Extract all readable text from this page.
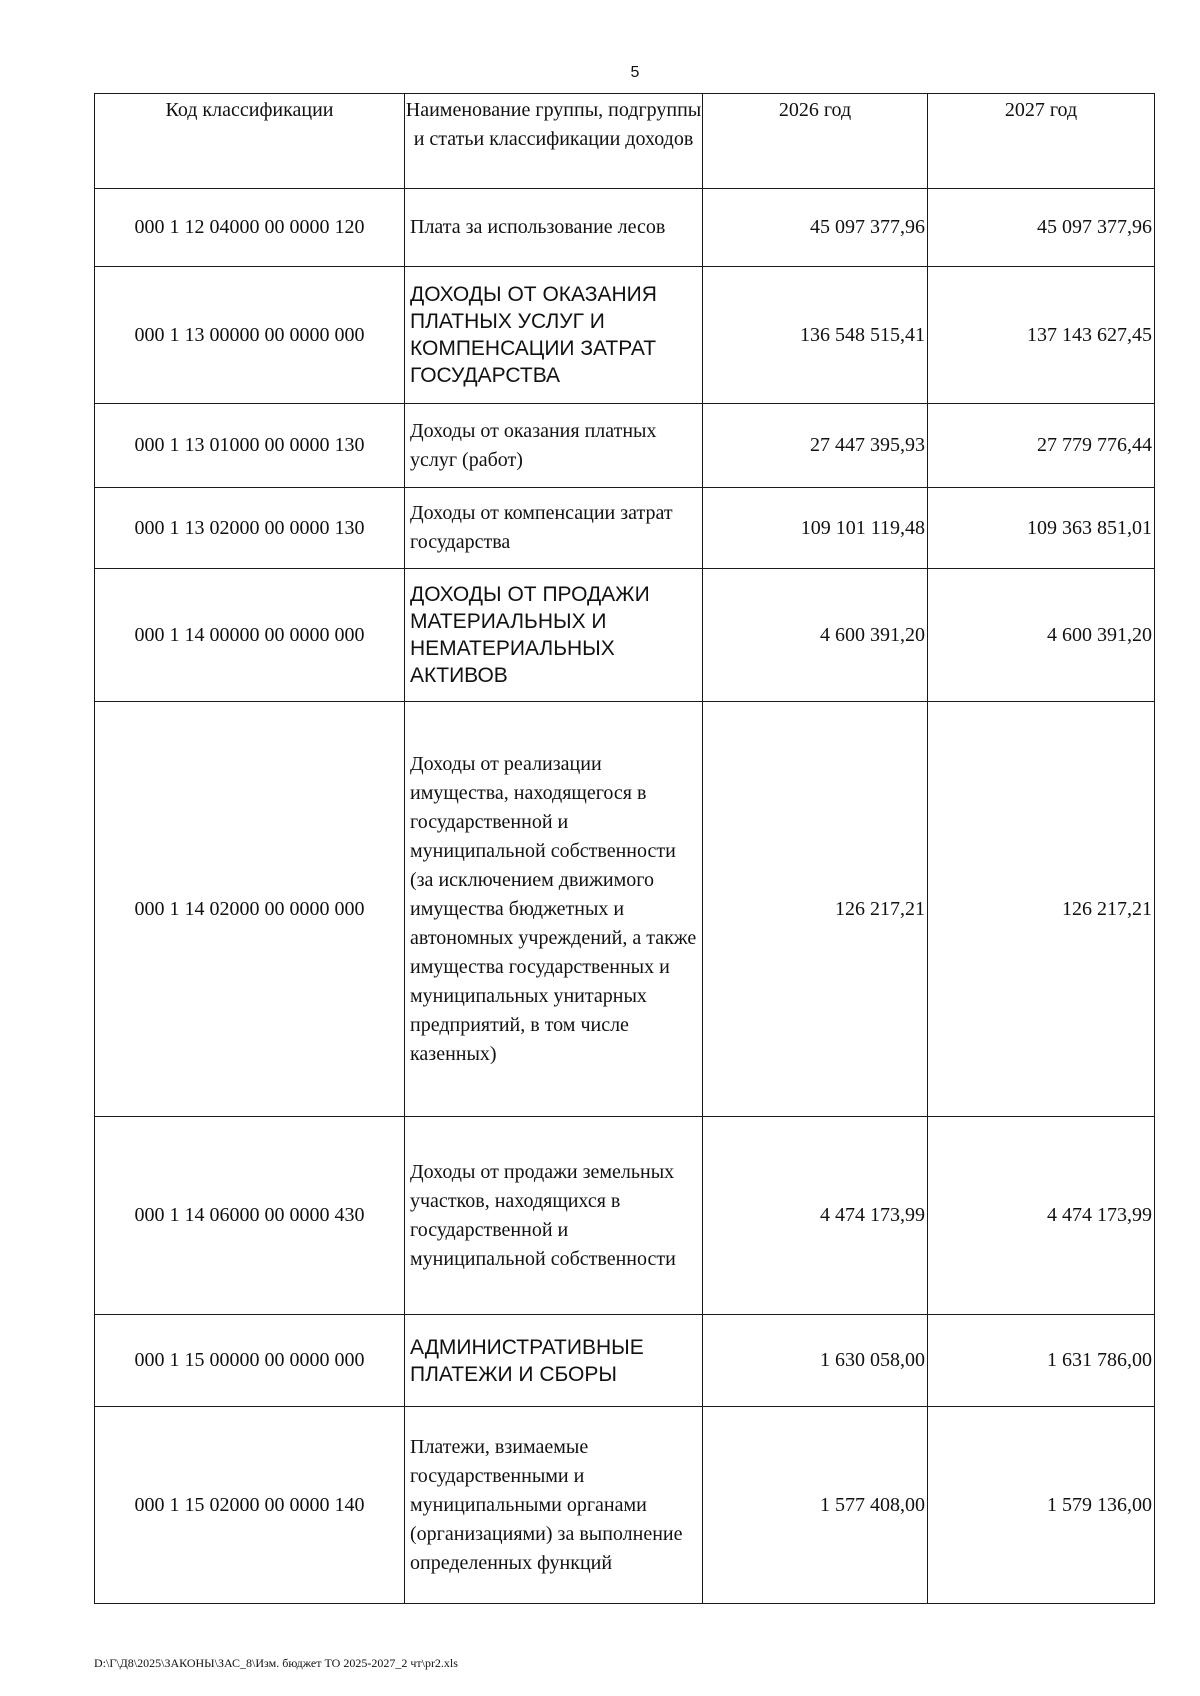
5
Код классификации	Наименование группы, подгруппы и статьи классификации доходов	2026 год	2027 год
000 1 12 04000 00 0000 120	Плата за использование лесов	45 097 377,96	45 097 377,96
000 1 13 00000 00 0000 000	ДОХОДЫ ОТ ОКАЗАНИЯ ПЛАТНЫХ УСЛУГ И КОМПЕНСАЦИИ ЗАТРАТ ГОСУДАРСТВА	136 548 515,41	137 143 627,45
000 1 13 01000 00 0000 130	Доходы от оказания платных услуг (работ)	27 447 395,93	27 779 776,44
000 1 13 02000 00 0000 130	Доходы от компенсации затрат государства	109 101 119,48	109 363 851,01
000 1 14 00000 00 0000 000	ДОХОДЫ ОТ ПРОДАЖИ МАТЕРИАЛЬНЫХ И НЕМАТЕРИАЛЬНЫХ АКТИВОВ	4 600 391,20	4 600 391,20
000 1 14 02000 00 0000 000	Доходы от реализации имущества, находящегося в государственной и муниципальной собственности (за исключением движимого имущества бюджетных и автономных учреждений, а также имущества государственных и муниципальных унитарных предприятий, в том числе казенных)	126 217,21	126 217,21
000 1 14 06000 00 0000 430	Доходы от продажи земельных участков, находящихся в государственной и муниципальной собственности	4 474 173,99	4 474 173,99
000 1 15 00000 00 0000 000	АДМИНИСТРАТИВНЫЕ ПЛАТЕЖИ И СБОРЫ	1 630 058,00	1 631 786,00
000 1 15 02000 00 0000 140	Платежи, взимаемые государственными и муниципальными органами (организациями) за выполнение определенных функций	1 577 408,00	1 579 136,00
D:\Г\Д8\2025\ЗАКОНЫ\ЗАС_8\Изм. бюджет ТО 2025-2027_2 чт\pr2.xls
